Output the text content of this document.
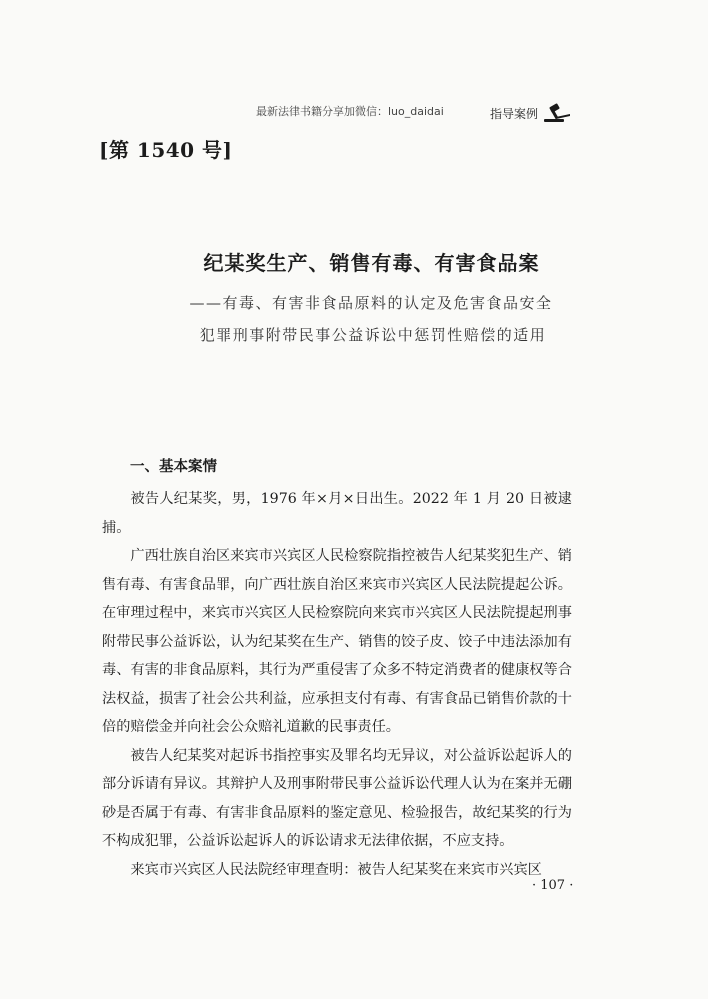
最新法律书籍分享加微信：luo_daidai	指导案例
[第 1540 号]
纪某奖生产、销售有毒、有害食品案
——有毒、有害非食品原料的认定及危害食品安全
犯罪刑事附带民事公益诉讼中惩罚性赔偿的适用
一、基本案情

被告人纪某奖，男，1976 年×月×日出生。2022 年 1 月 20 日被逮捕。

广西壮族自治区来宾市兴宾区人民检察院指控被告人纪某奖犯生产、销售有毒、有害食品罪，向广西壮族自治区来宾市兴宾区人民法院提起公诉。在审理过程中，来宾市兴宾区人民检察院向来宾市兴宾区人民法院提起刑事附带民事公益诉讼，认为纪某奖在生产、销售的饺子皮、饺子中违法添加有毒、有害的非食品原料，其行为严重侵害了众多不特定消费者的健康权等合法权益，损害了社会公共利益，应承担支付有毒、有害食品已销售价款的十倍的赔偿金并向社会公众赔礼道歉的民事责任。

被告人纪某奖对起诉书指控事实及罪名均无异议，对公益诉讼起诉人的部分诉请有异议。其辩护人及刑事附带民事公益诉讼代理人认为在案并无硼砂是否属于有毒、有害非食品原料的鉴定意见、检验报告，故纪某奖的行为不构成犯罪，公益诉讼起诉人的诉讼请求无法律依据，不应支持。

来宾市兴宾区人民法院经审理查明：被告人纪某奖在来宾市兴宾区

· 107 ·
